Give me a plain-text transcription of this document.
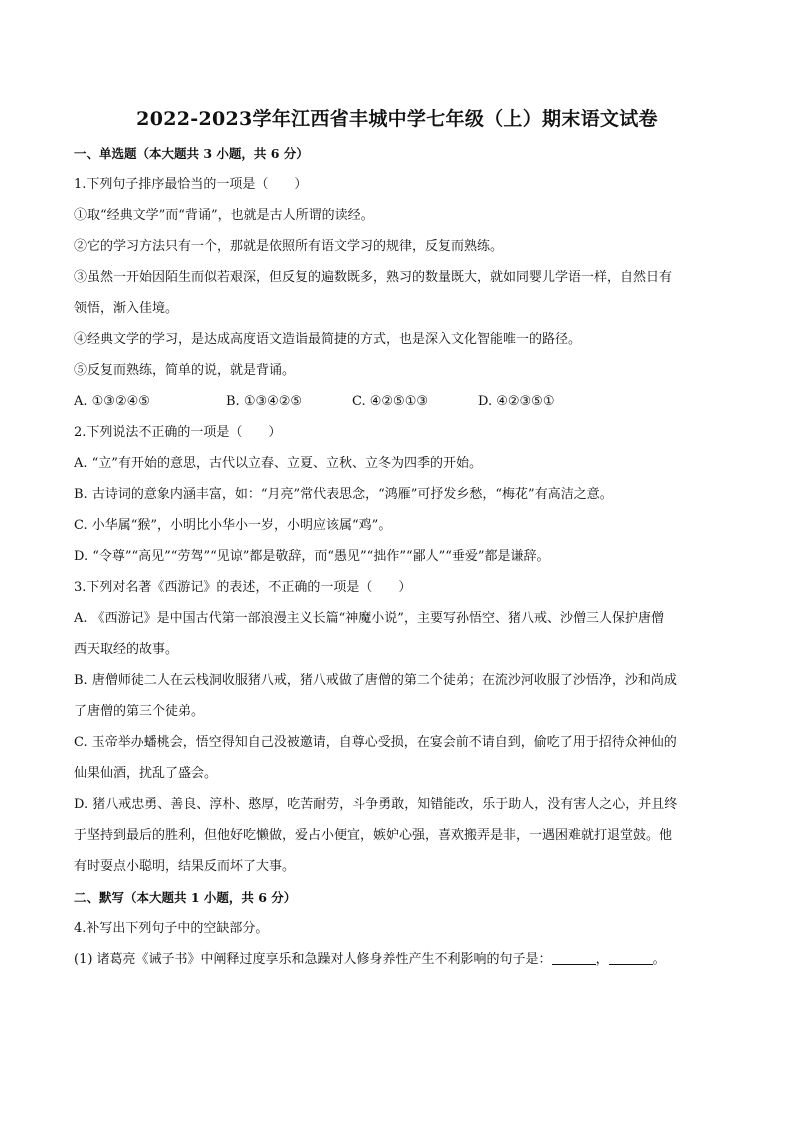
2022-2023学年江西省丰城中学七年级（上）期末语文试卷
一、单选题（本大题共 3 小题，共 6 分）
1.下列句子排序最恰当的一项是（　　）
①取“经典文学”而“背诵”，也就是古人所谓的读经。
②它的学习方法只有一个，那就是依照所有语文学习的规律，反复而熟练。
③虽然一开始因陌生而似若艰深，但反复的遍数既多，熟习的数量既大，就如同婴儿学语一样，自然日有
领悟，渐入佳境。
④经典文学的学习，是达成高度语文造诣最简捷的方式，也是深入文化智能唯一的路径。
⑤反复而熟练，简单的说，就是背诵。
A. ①③②④⑤	B. ①③④②⑤	C. ④②⑤①③	D. ④②③⑤①
2.下列说法不正确的一项是（　　）
A. “立”有开始的意思，古代以立春、立夏、立秋、立冬为四季的开始。
B. 古诗词的意象内涵丰富，如：“月亮”常代表思念，“鸿雁”可抒发乡愁，“梅花”有高洁之意。
C. 小华属“猴”，小明比小华小一岁，小明应该属“鸡”。
D. “令尊”“高见”“劳驾”“见谅”都是敬辞，而“愚见”“拙作”“鄙人”“垂爱”都是谦辞。
3.下列对名著《西游记》的表述，不正确的一项是（　　）
A. 《西游记》是中国古代第一部浪漫主义长篇“神魔小说”，主要写孙悟空、猪八戒、沙僧三人保护唐僧
西天取经的故事。
B. 唐僧师徒二人在云栈洞收服猪八戒，猪八戒做了唐僧的第二个徒弟；在流沙河收服了沙悟净，沙和尚成
了唐僧的第三个徒弟。
C. 玉帝举办蟠桃会，悟空得知自己没被邀请，自尊心受损，在宴会前不请自到，偷吃了用于招待众神仙的
仙果仙酒，扰乱了盛会。
D. 猪八戒忠勇、善良、淳朴、憨厚，吃苦耐劳，斗争勇敢，知错能改，乐于助人，没有害人之心，并且终
于坚持到最后的胜利，但他好吃懒做，爱占小便宜，嫉妒心强，喜欢搬弄是非，一遇困难就打退堂鼓。他
有时耍点小聪明，结果反而坏了大事。
二、默写（本大题共 1 小题，共 6 分）
4.补写出下列句子中的空缺部分。
(1) 诸葛亮《诫子书》中阐释过度享乐和急躁对人修身养性产生不利影响的句子是：	，	。
